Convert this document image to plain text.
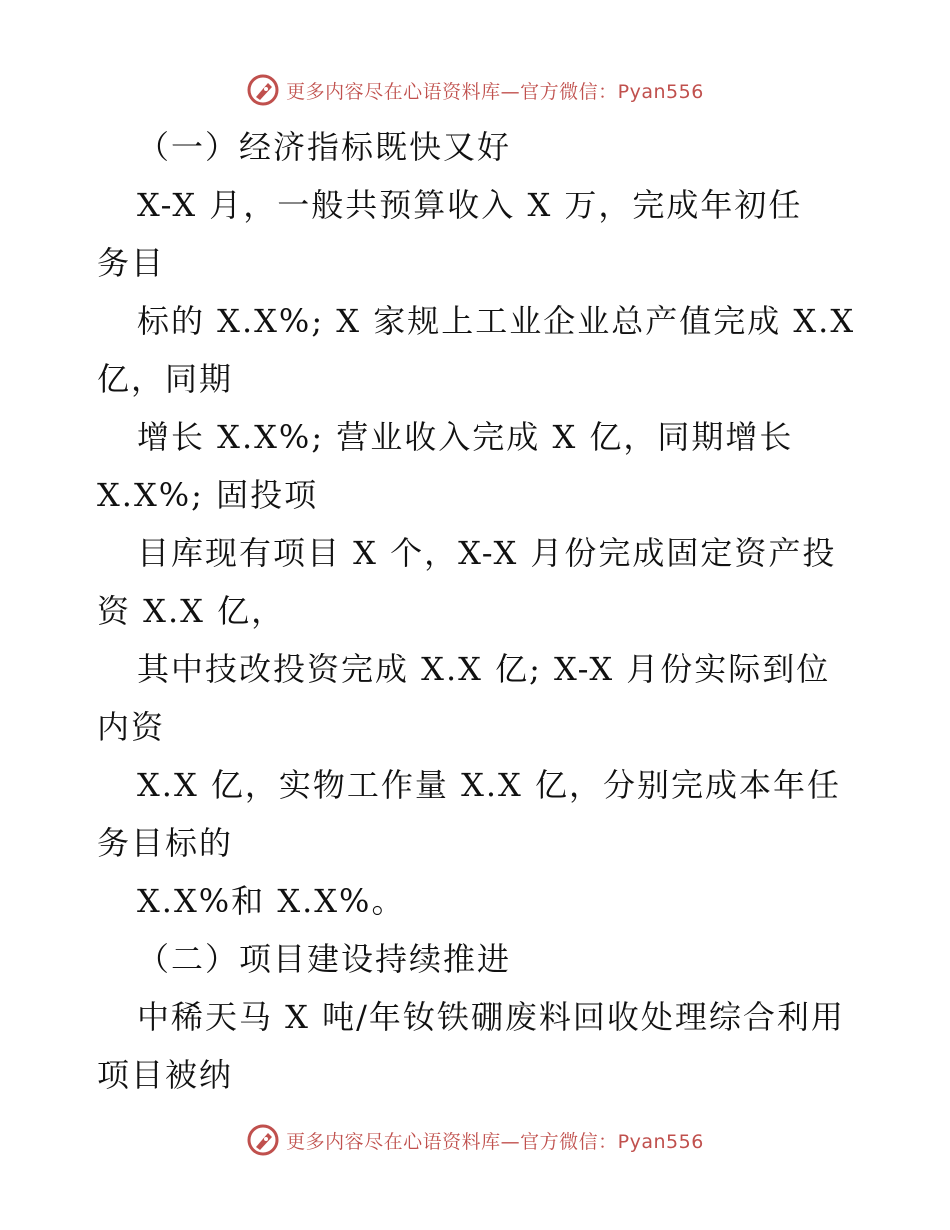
更多内容尽在心语资料库—官方微信：Pyan556
（一）经济指标既快又好
X-X 月，一般共预算收入 X 万，完成年初任
务目
标的 X.X%; X 家规上工业企业总产值完成 X.X
亿，同期
增长 X.X%; 营业收入完成 X 亿，同期增长
X.X%; 固投项
目库现有项目 X 个，X-X 月份完成固定资产投
资 X.X 亿，
其中技改投资完成 X.X 亿; X-X 月份实际到位
内资
X.X 亿，实物工作量 X.X 亿，分别完成本年任
务目标的
X.X%和 X.X%。
（二）项目建设持续推进
中稀天马 X 吨/年钕铁硼废料回收处理综合利用
项目被纳
更多内容尽在心语资料库—官方微信：Pyan556
